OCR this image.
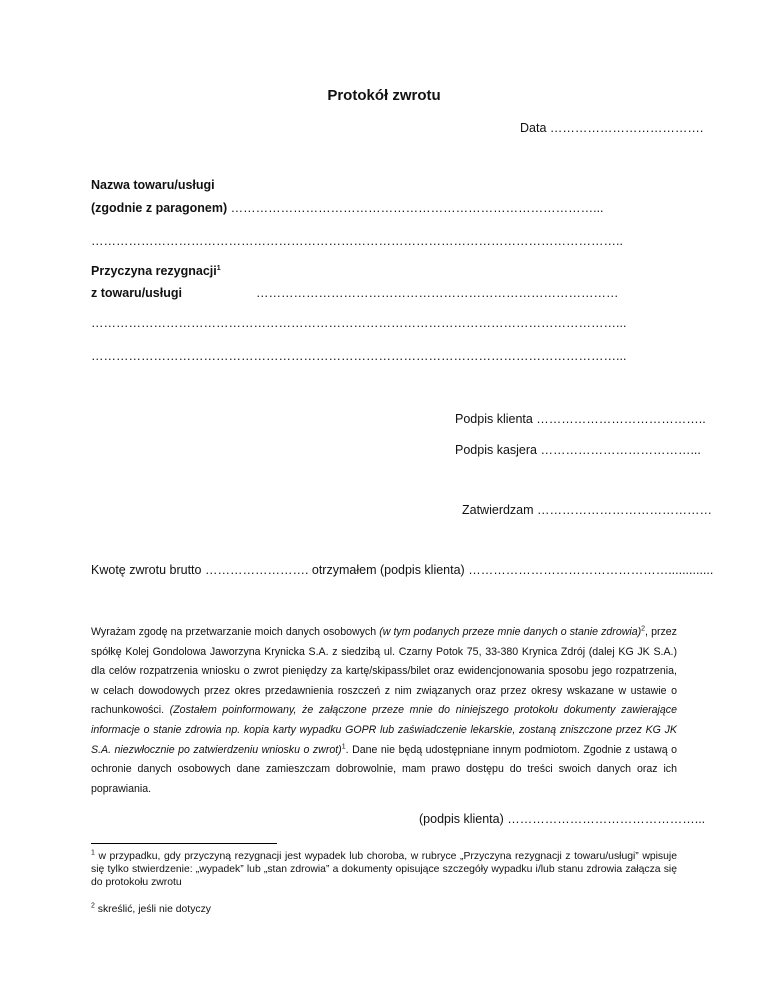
Protokół zwrotu
Data ……………………………….
Nazwa towaru/usługi
(zgodnie z paragonem) ……………………………………………………………………………...
………………………………………………………………………………………………………………..
Przyczyna rezygnacji$^1$
z towaru/usługi	……………………………………………………………………………
………………………………………………………………………………………………………………...
………………………………………………………………………………………………………………...
Podpis klienta …………………………………..
Podpis kasjera ………………………………...
Zatwierdzam ……………………………………
Kwotę zwrotu brutto ……………………. otrzymałem (podpis klienta) ………………………………………….............
Wyrażam zgodę na przetwarzanie moich danych osobowych (w tym podanych przeze mnie danych o stanie zdrowia)$^2$, przez spółkę Kolej Gondolowa Jaworzyna Krynicka S.A. z siedzibą ul. Czarny Potok 75, 33-380 Krynica Zdrój (dalej KG JK S.A.) dla celów rozpatrzenia wniosku o zwrot pieniędzy za kartę/skipass/bilet oraz ewidencjonowania sposobu jego rozpatrzenia, w celach dowodowych przez okres przedawnienia roszczeń z nim związanych oraz przez okresy wskazane w ustawie o rachunkowości. (Zostałem poinformowany, że załączone przeze mnie do niniejszego protokołu dokumenty zawierające informacje o stanie zdrowia np. kopia karty wypadku GOPR lub zaświadczenie lekarskie, zostaną zniszczone przez KG JK S.A. niezwłocznie po zatwierdzeniu wniosku o zwrot)$^1$. Dane nie będą udostępniane innym podmiotom. Zgodnie z ustawą o ochronie danych osobowych dane zamieszczam dobrowolnie, mam prawo dostępu do treści swoich danych oraz ich poprawiania.
(podpis klienta) ………………………………………...
$^1$ w przypadku, gdy przyczyną rezygnacji jest wypadek lub choroba, w rubryce „Przyczyna rezygnacji z towaru/usługi” wpisuje się tylko stwierdzenie: „wypadek” lub „stan zdrowia” a dokumenty opisujące szczegóły wypadku i/lub stanu zdrowia załącza się do protokołu zwrotu
$^2$ skreślić, jeśli nie dotyczy
